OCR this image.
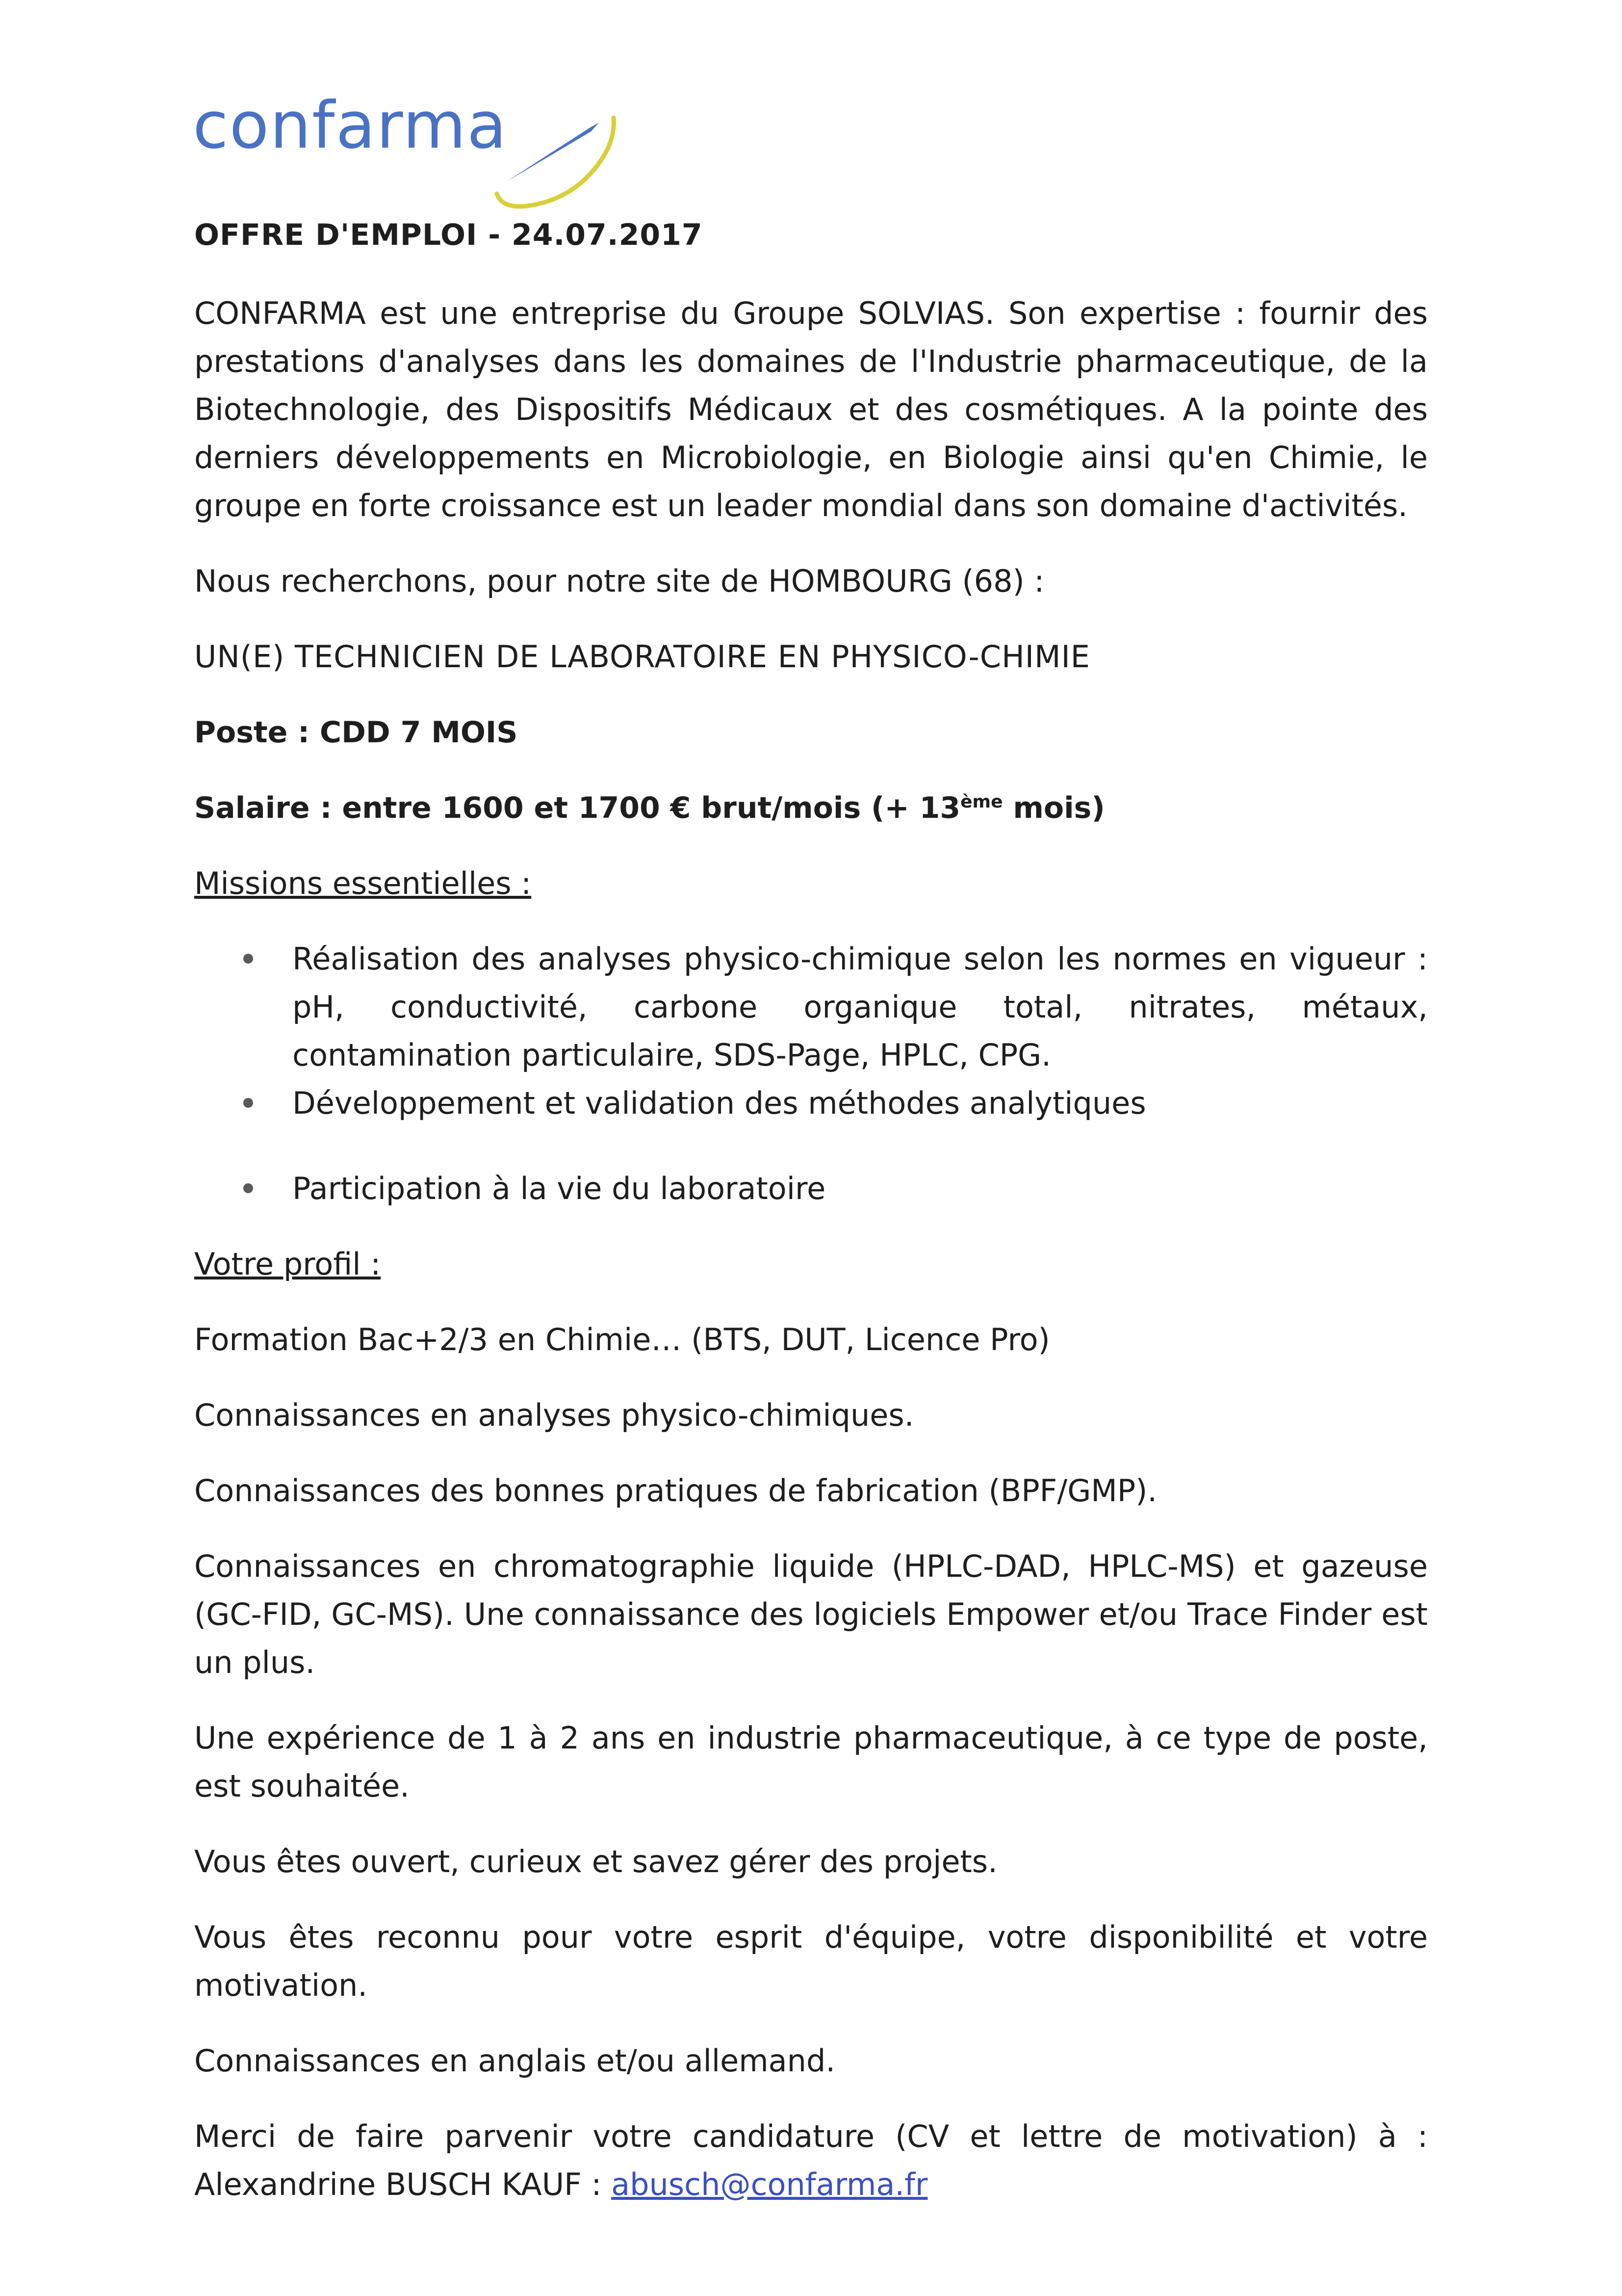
confarma
OFFRE D'EMPLOI - 24.07.2017

CONFARMA est une entreprise du Groupe SOLVIAS. Son expertise : fournir des prestations d'analyses dans les domaines de l'Industrie pharmaceutique, de la Biotechnologie, des Dispositifs Médicaux et des cosmétiques. A la pointe des derniers développements en Microbiologie, en Biologie ainsi qu'en Chimie, le groupe en forte croissance est un leader mondial dans son domaine d'activités.

Nous recherchons, pour notre site de HOMBOURG (68) :

UN(E) TECHNICIEN DE LABORATOIRE EN PHYSICO-CHIMIE

Poste : CDD 7 MOIS

Salaire : entre 1600 et 1700 € brut/mois (+ 13ème mois)

Missions essentielles :

Réalisation des analyses physico-chimique selon les normes en vigueur : pH, conductivité, carbone organique total, nitrates, métaux, contamination particulaire, SDS-Page, HPLC, CPG.
Développement et validation des méthodes analytiques
Participation à la vie du laboratoire

Votre profil :

Formation Bac+2/3 en Chimie… (BTS, DUT, Licence Pro)

Connaissances en analyses physico-chimiques.

Connaissances des bonnes pratiques de fabrication (BPF/GMP).

Connaissances en chromatographie liquide (HPLC-DAD, HPLC-MS) et gazeuse (GC-FID, GC-MS). Une connaissance des logiciels Empower et/ou Trace Finder est un plus.

Une expérience de 1 à 2 ans en industrie pharmaceutique, à ce type de poste, est souhaitée.

Vous êtes ouvert, curieux et savez gérer des projets.

Vous êtes reconnu pour votre esprit d'équipe, votre disponibilité et votre motivation.

Connaissances en anglais et/ou allemand.

Merci de faire parvenir votre candidature (CV et lettre de motivation) à : Alexandrine BUSCH KAUF : abusch@confarma.fr
